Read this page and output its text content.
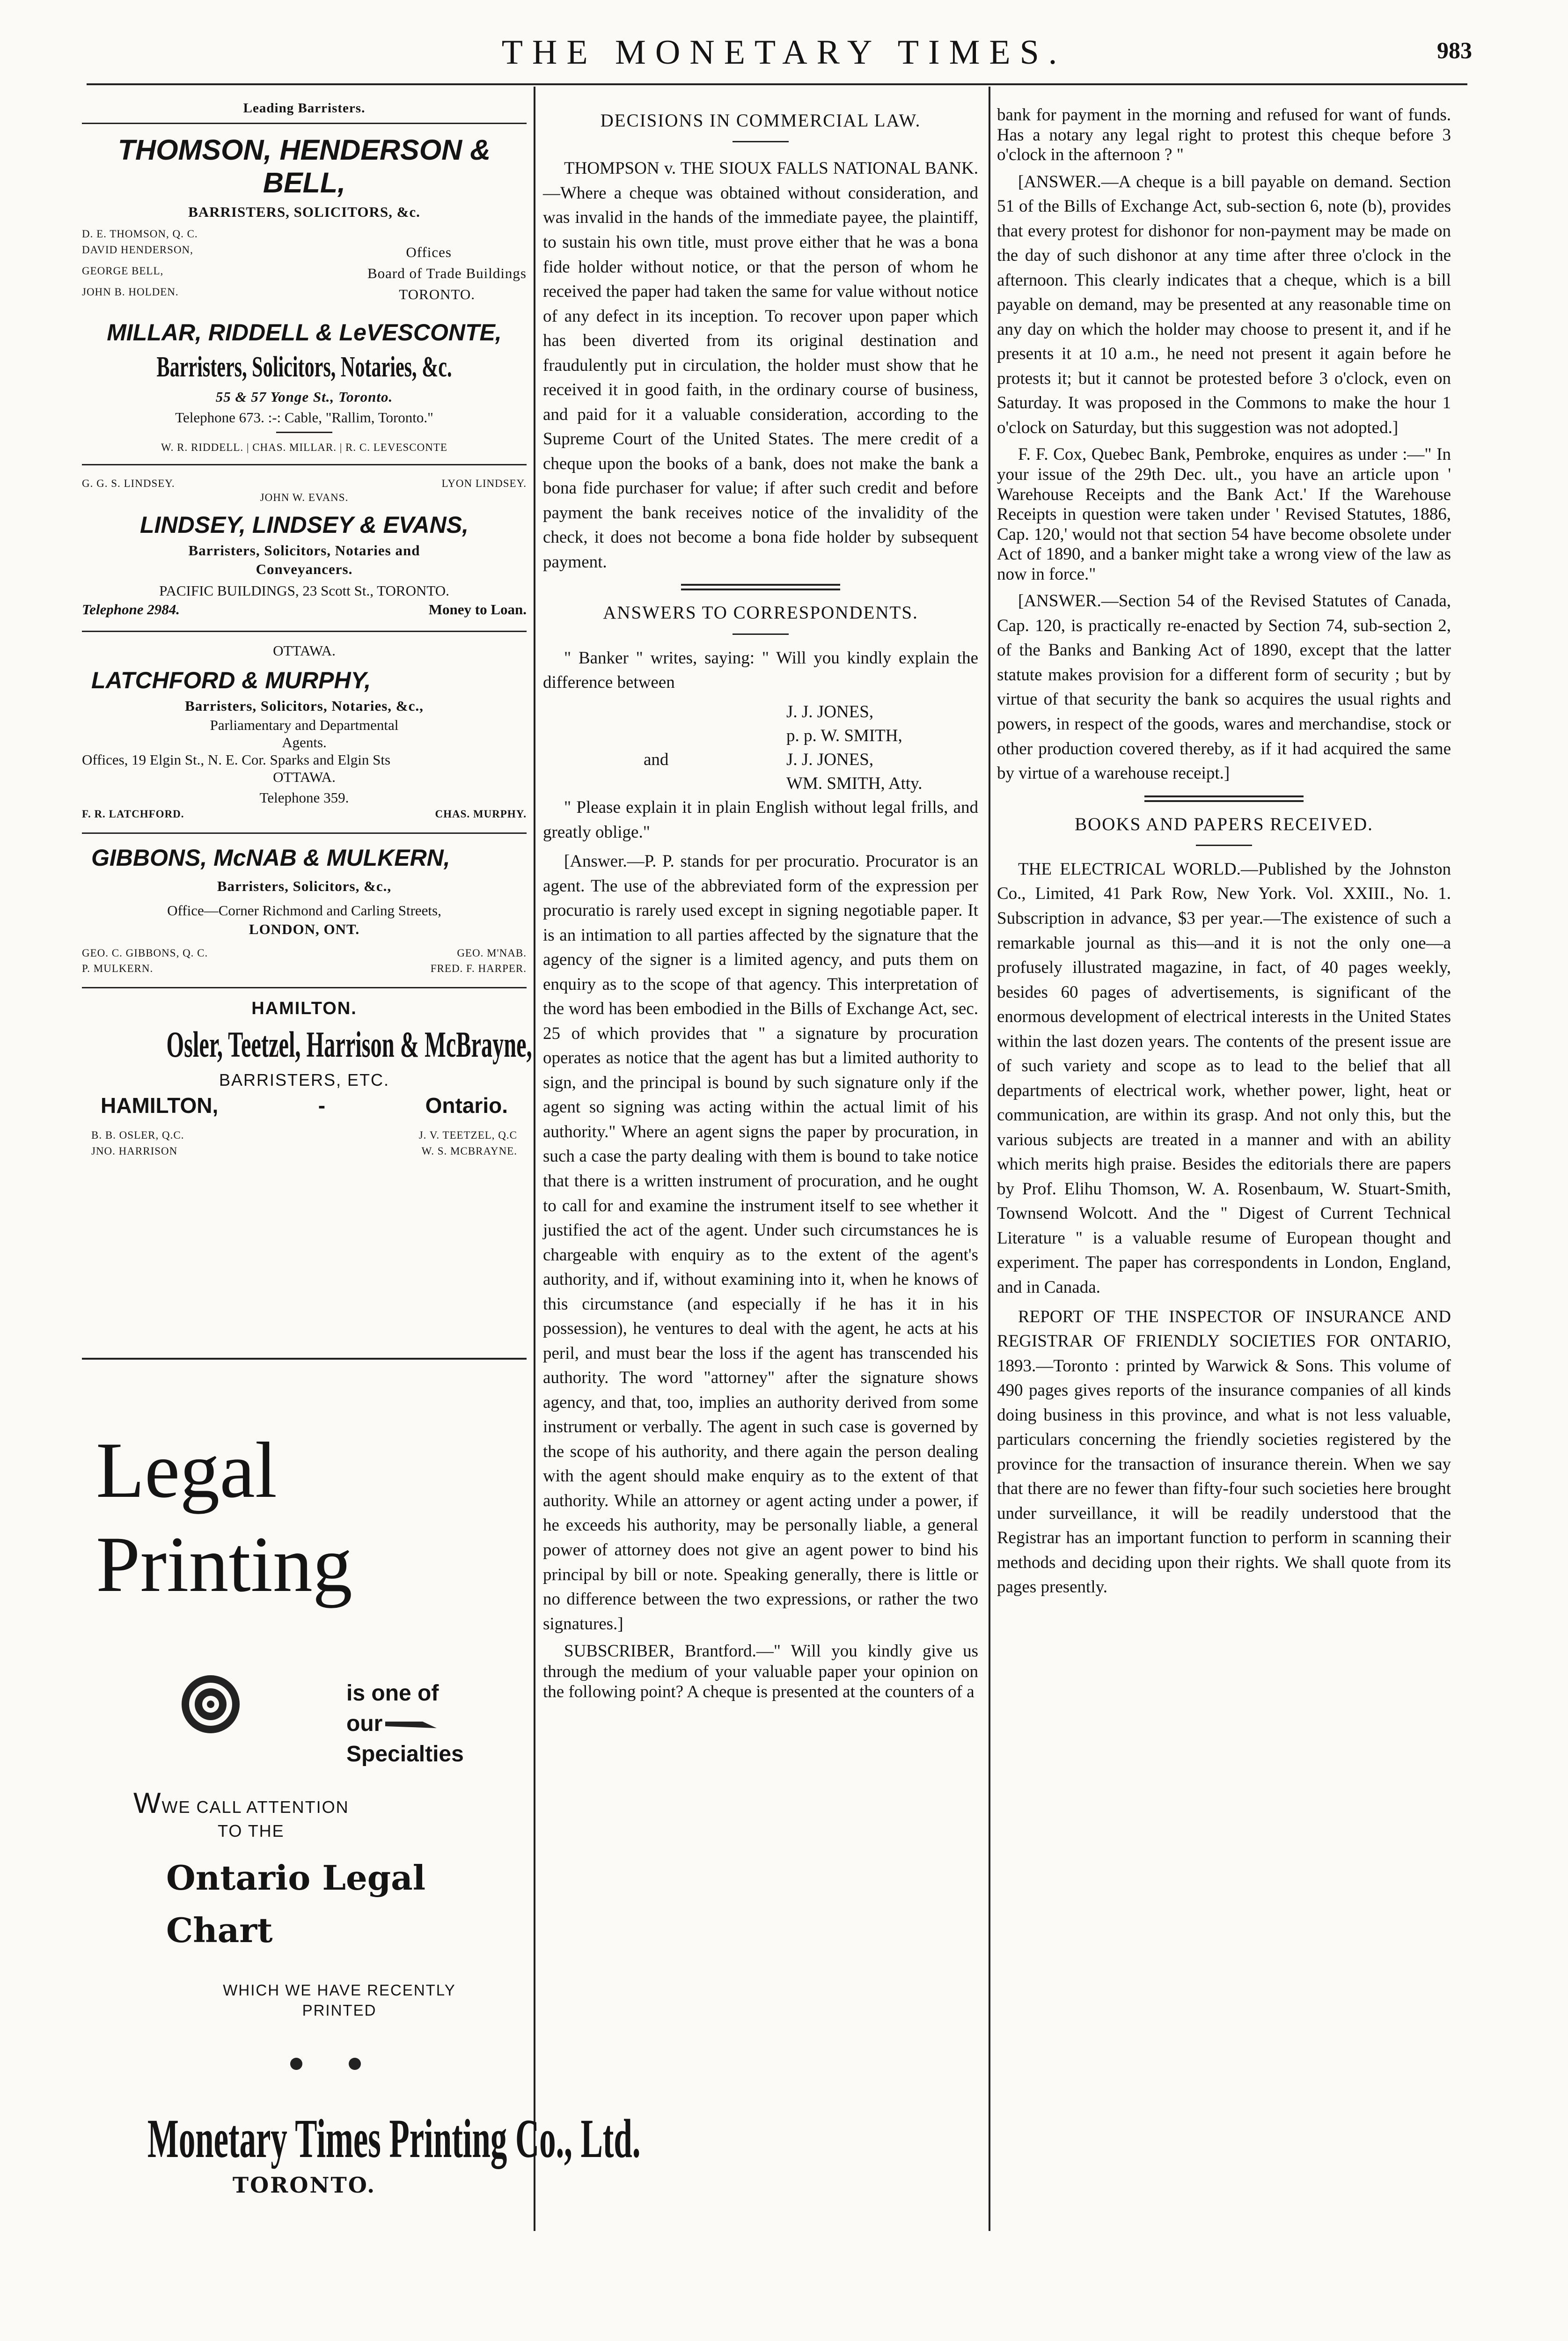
THE MONETARY TIMES.	983
Leading Barristers.
THOMSON, HENDERSON & BELL,
BARRISTERS, SOLICITORS, &c.
D. E. THOMSON, Q. C.
DAVID HENDERSON,	Offices
GEORGE BELL,	Board of Trade Buildings
JOHN B. HOLDEN.	TORONTO.
MILLAR, RIDDELL & LeVESCONTE,
Barristers, Solicitors, Notaries, &c.
55 & 57 Yonge St., Toronto.
Telephone 673. :-: Cable, "Rallim, Toronto."
W. R. RIDDELL. | CHAS. MILLAR. | R. C. LEVESCONTE
G. G. S. LINDSEY.	LYON LINDSEY.
JOHN W. EVANS.
LINDSEY, LINDSEY & EVANS,
Barristers, Solicitors, Notaries and
Conveyancers.
PACIFIC BUILDINGS, 23 Scott St., TORONTO.
Telephone 2984.	Money to Loan.
OTTAWA.
LATCHFORD & MURPHY,
Barristers, Solicitors, Notaries, &c.,
Parliamentary and Departmental
Agents.
Offices, 19 Elgin St., N. E. Cor. Sparks and Elgin Sts
OTTAWA.
Telephone 359.
F. R. LATCHFORD.	CHAS. MURPHY.
GIBBONS, McNAB & MULKERN,
Barristers, Solicitors, &c.,
Office—Corner Richmond and Carling Streets,
LONDON, ONT.
GEO. C. GIBBONS, Q. C.	GEO. M'NAB.
P. MULKERN.	FRED. F. HARPER.
HAMILTON.
Osler, Teetzel, Harrison & McBrayne,
BARRISTERS, ETC.
HAMILTON,	-	Ontario.
B. B. OSLER, Q.C.	J. V. TEETZEL, Q.C
JNO. HARRISON	W. S. MCBRAYNE.
Legal
Printing
is one of
our
Specialties
WWE CALL ATTENTION
TO THE
Ontario Legal
Chart
WHICH WE HAVE RECENTLY
PRINTED
Monetary Times Printing Co., Ltd.
TORONTO.
DECISIONS IN COMMERCIAL LAW.

THOMPSON v. THE SIOUX FALLS NATIONAL BANK.—Where a cheque was obtained without consideration, and was invalid in the hands of the immediate payee, the plaintiff, to sustain his own title, must prove either that he was a bona fide holder without notice, or that the person of whom he received the paper had taken the same for value without notice of any defect in its inception. To recover upon paper which has been diverted from its original destination and fraudulently put in circulation, the holder must show that he received it in good faith, in the ordinary course of business, and paid for it a valuable consideration, according to the Supreme Court of the United States. The mere credit of a cheque upon the books of a bank, does not make the bank a bona fide purchaser for value; if after such credit and before payment the bank receives notice of the invalidity of the check, it does not become a bona fide holder by subsequent payment.

ANSWERS TO CORRESPONDENTS.

" Banker " writes, saying: " Will you kindly explain the difference between

J. J. JONES,
p. p. W. SMITH,
and	J. J. JONES,
WM. SMITH, Atty.

" Please explain it in plain English without legal frills, and greatly oblige."

[Answer.—P. P. stands for per procuratio. Procurator is an agent. The use of the abbreviated form of the expression per procuratio is rarely used except in signing negotiable paper. It is an intimation to all parties affected by the signature that the agency of the signer is a limited agency, and puts them on enquiry as to the scope of that agency. This interpretation of the word has been embodied in the Bills of Exchange Act, sec. 25 of which provides that " a signature by procuration operates as notice that the agent has but a limited authority to sign, and the principal is bound by such signature only if the agent so signing was acting within the actual limit of his authority." Where an agent signs the paper by procuration, in such a case the party dealing with them is bound to take notice that there is a written instrument of procuration, and he ought to call for and examine the instrument itself to see whether it justified the act of the agent. Under such circumstances he is chargeable with enquiry as to the extent of the agent's authority, and if, without examining into it, when he knows of this circumstance (and especially if he has it in his possession), he ventures to deal with the agent, he acts at his peril, and must bear the loss if the agent has transcended his authority. The word "attorney" after the signature shows agency, and that, too, implies an authority derived from some instrument or verbally. The agent in such case is governed by the scope of his authority, and there again the person dealing with the agent should make enquiry as to the extent of that authority. While an attorney or agent acting under a power, if he exceeds his authority, may be personally liable, a general power of attorney does not give an agent power to bind his principal by bill or note. Speaking generally, there is little or no difference between the two expressions, or rather the two signatures.]

SUBSCRIBER, Brantford.—" Will you kindly give us through the medium of your valuable paper your opinion on the following point? A cheque is presented at the counters of a

bank for payment in the morning and refused for want of funds. Has a notary any legal right to protest this cheque before 3 o'clock in the afternoon ? "

[ANSWER.—A cheque is a bill payable on demand. Section 51 of the Bills of Exchange Act, sub-section 6, note (b), provides that every protest for dishonor for non-payment may be made on the day of such dishonor at any time after three o'clock in the afternoon. This clearly indicates that a cheque, which is a bill payable on demand, may be presented at any reasonable time on any day on which the holder may choose to present it, and if he presents it at 10 a.m., he need not present it again before he protests it; but it cannot be protested before 3 o'clock, even on Saturday. It was proposed in the Commons to make the hour 1 o'clock on Saturday, but this suggestion was not adopted.]

F. F. Cox, Quebec Bank, Pembroke, enquires as under :—" In your issue of the 29th Dec. ult., you have an article upon ' Warehouse Receipts and the Bank Act.' If the Warehouse Receipts in question were taken under ' Revised Statutes, 1886, Cap. 120,' would not that section 54 have become obsolete under Act of 1890, and a banker might take a wrong view of the law as now in force."

[ANSWER.—Section 54 of the Revised Statutes of Canada, Cap. 120, is practically re-enacted by Section 74, sub-section 2, of the Banks and Banking Act of 1890, except that the latter statute makes provision for a different form of security ; but by virtue of that security the bank so acquires the usual rights and powers, in respect of the goods, wares and merchandise, stock or other production covered thereby, as if it had acquired the same by virtue of a warehouse receipt.]

BOOKS AND PAPERS RECEIVED.

THE ELECTRICAL WORLD.—Published by the Johnston Co., Limited, 41 Park Row, New York. Vol. XXIII., No. 1. Subscription in advance, $3 per year.—The existence of such a remarkable journal as this—and it is not the only one—a profusely illustrated magazine, in fact, of 40 pages weekly, besides 60 pages of advertisements, is significant of the enormous development of electrical interests in the United States within the last dozen years. The contents of the present issue are of such variety and scope as to lead to the belief that all departments of electrical work, whether power, light, heat or communication, are within its grasp. And not only this, but the various subjects are treated in a manner and with an ability which merits high praise. Besides the editorials there are papers by Prof. Elihu Thomson, W. A. Rosenbaum, W. Stuart-Smith, Townsend Wolcott. And the " Digest of Current Technical Literature " is a valuable resume of European thought and experiment. The paper has correspondents in London, England, and in Canada.

REPORT OF THE INSPECTOR OF INSURANCE AND REGISTRAR OF FRIENDLY SOCIETIES FOR ONTARIO, 1893.—Toronto : printed by Warwick & Sons. This volume of 490 pages gives reports of the insurance companies of all kinds doing business in this province, and what is not less valuable, particulars concerning the friendly societies registered by the province for the transaction of insurance therein. When we say that there are no fewer than fifty-four such societies here brought under surveillance, it will be readily understood that the Registrar has an important function to perform in scanning their methods and deciding upon their rights. We shall quote from its pages presently.
